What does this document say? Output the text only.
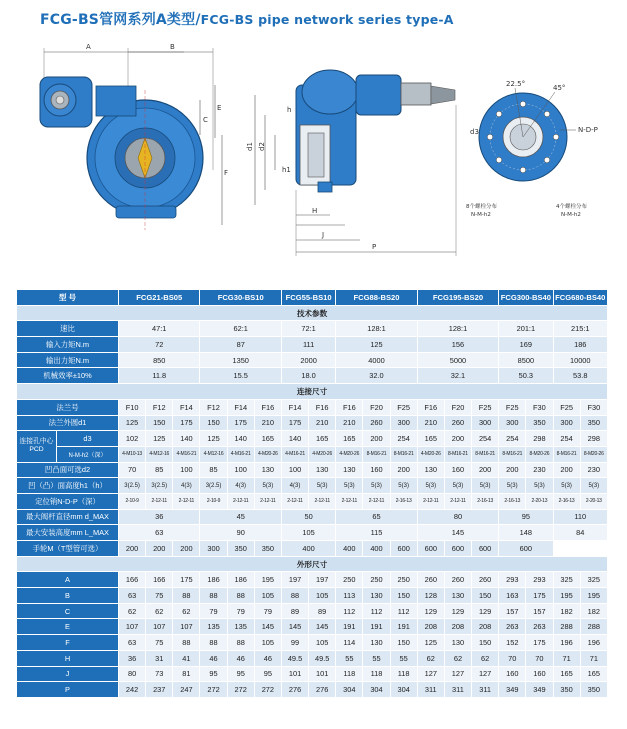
FCG-BS管网系列A类型/FCG-BS pipe network series type-A
A	B
C
E
F
d1 d2
h
h1
H
J
P
22.5°	45°
d3	N-D-P
8个螺栓分布
N-M-h2
4个螺栓分布
N-M-h2
型 号		FCG21-BS05			FCG30-BS10			FCG55-BS10		FCG88-BS20			FCG195-BS20			FCG300-BS40		FCG680-BS40	
技术参数																			
速比		47:1			62:1			72:1		128:1			128:1			201:1		215:1	
输入力矩N.m		72			87			111		125			156			169		186	
输出力矩N.m		850			1350			2000		4000			5000			8500		10000	
机械效率±10%		11.8			15.5			18.0		32.0			32.1			50.3		53.8	
连接尺寸																			
法兰号		F10	F12	F14	F12	F14	F16	F14	F16	F16	F20	F25	F16	F20	F25	F25	F30	F25	F30
法兰外圆d1		125	150	175	150	175	210	175	210	210	260	300	210	260	300	300	350	300	350
连接孔中心
PCD	d3	102	125	140	125	140	165	140	165	165	200	254	165	200	254	254	298	254	298
	N-M-h2（深）	4-M10-13	4-M12-16	4-M16-21	4-M12-16	4-M16-21	4-M20-26	4-M16-21	4-M20-26	4-M20-26	8-M16-21	8-M16-21	4-M20-26	8-M16-21	8-M16-21	8-M16-21	8-M20-26	8-M16-21	8-M20-26
凹凸面可选d2		70	85	100	85	100	130	100	130	130	160	200	130	160	200	200	230	200	230
凹（凸）面高度h1（h）		3(2.5)	3(2.5)	4(3)	3(2.5)	4(3)	5(3)	4(3)	5(3)	5(3)	5(3)	5(3)	5(3)	5(3)	5(3)	5(3)	5(3)	5(3)	5(3)
定位销N-D-P（深）		2-10-9	2-12-11	2-12-11	2-10-9	2-12-11	2-12-11	2-12-11	2-12-11	2-12-11	2-12-11	2-16-13	2-12-11	2-12-11	2-16-13	2-16-13	2-20-13	2-16-13	2-20-13
最大阀杆直径mm d_MAX		36			45			50		65			80			95		110	
最大安装高度mm L_MAX		63			90			105		115			145			148		84	
手轮M（T型管可选）		200	200	200	300	350	350	400		400	400	600	600	600	600	600			
外形尺寸																			
A		166	166	175	186	186	195	197	197	250	250	250	260	260	260	293	293	325	325
B		63	75	88	88	88	105	88	105	113	130	150	128	130	150	163	175	195	195
C		62	62	62	79	79	79	89	89	112	112	112	129	129	129	157	157	182	182
E		107	107	107	135	135	145	145	145	191	191	191	208	208	208	263	263	288	288
F		63	75	88	88	88	105	99	105	114	130	150	125	130	150	152	175	196	196
H		36	31	41	46	46	46	49.5	49.5	55	55	55	62	62	62	70	70	71	71
J		80	73	81	95	95	95	101	101	118	118	118	127	127	127	160	160	165	165
P		242	237	247	272	272	272	276	276	304	304	304	311	311	311	349	349	350	350
